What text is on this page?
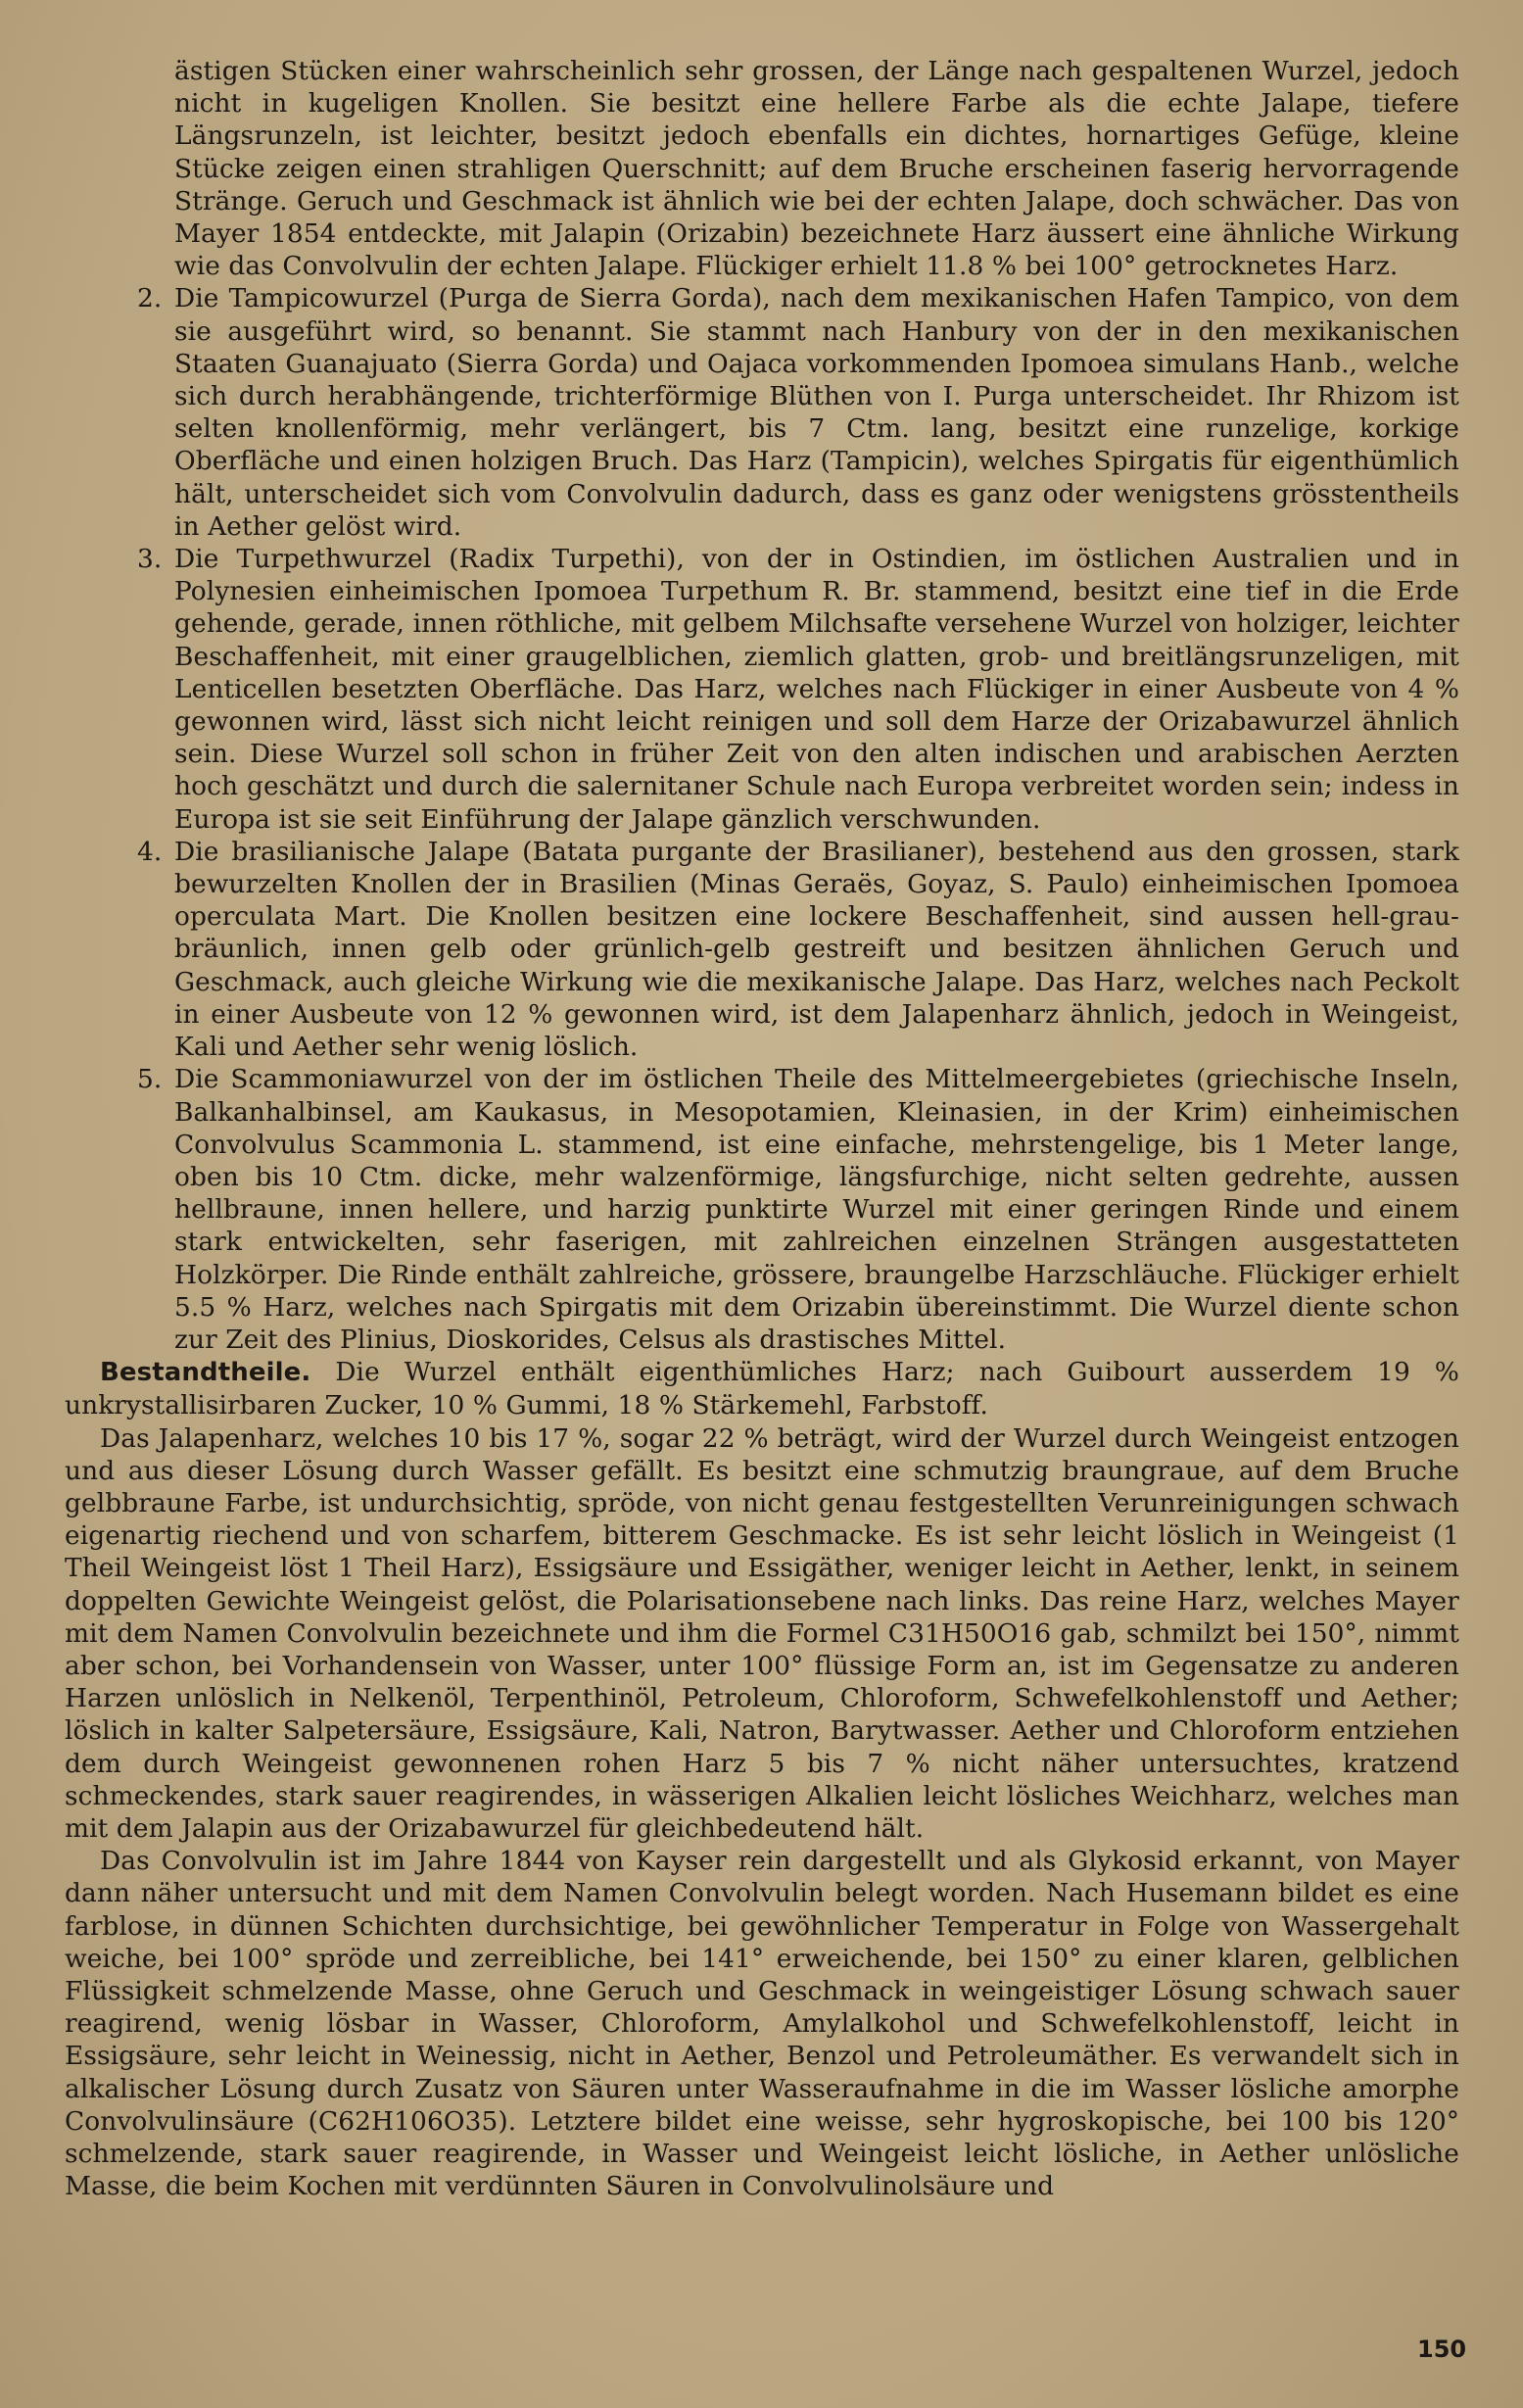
ästigen Stücken einer wahrscheinlich sehr grossen, der Länge nach gespaltenen Wurzel, jedoch nicht in kugeligen Knollen. Sie besitzt eine hellere Farbe als die echte Jalape, tiefere Längsrunzeln, ist leichter, besitzt jedoch ebenfalls ein dichtes, hornartiges Gefüge, kleine Stücke zeigen einen strahligen Querschnitt; auf dem Bruche erscheinen faserig hervorragende Stränge. Geruch und Geschmack ist ähnlich wie bei der echten Jalape, doch schwächer. Das von Mayer 1854 entdeckte, mit Jalapin (Orizabin) bezeichnete Harz äussert eine ähnliche Wirkung wie das Convolvulin der echten Jalape. Flückiger erhielt 11.8 % bei 100° getrocknetes Harz.

2. Die Tampicowurzel (Purga de Sierra Gorda), nach dem mexikanischen Hafen Tampico, von dem sie ausgeführt wird, so benannt. Sie stammt nach Hanbury von der in den mexikanischen Staaten Guanajuato (Sierra Gorda) und Oajaca vorkommenden Ipomoea simulans Hanb., welche sich durch herabhängende, trichterförmige Blüthen von I. Purga unterscheidet. Ihr Rhizom ist selten knollenförmig, mehr verlängert, bis 7 Ctm. lang, besitzt eine runzelige, korkige Oberfläche und einen holzigen Bruch. Das Harz (Tampicin), welches Spirgatis für eigenthümlich hält, unterscheidet sich vom Convolvulin dadurch, dass es ganz oder wenigstens grösstentheils in Aether gelöst wird.

3. Die Turpethwurzel (Radix Turpethi), von der in Ostindien, im östlichen Australien und in Polynesien einheimischen Ipomoea Turpethum R. Br. stammend, besitzt eine tief in die Erde gehende, gerade, innen röthliche, mit gelbem Milchsafte versehene Wurzel von holziger, leichter Beschaffenheit, mit einer graugelblichen, ziemlich glatten, grob- und breitlängsrunzeligen, mit Lenticellen besetzten Oberfläche. Das Harz, welches nach Flückiger in einer Ausbeute von 4 % gewonnen wird, lässt sich nicht leicht reinigen und soll dem Harze der Orizabawurzel ähnlich sein. Diese Wurzel soll schon in früher Zeit von den alten indischen und arabischen Aerzten hoch geschätzt und durch die salernitaner Schule nach Europa verbreitet worden sein; indess in Europa ist sie seit Einführung der Jalape gänzlich verschwunden.

4. Die brasilianische Jalape (Batata purgante der Brasilianer), bestehend aus den grossen, stark bewurzelten Knollen der in Brasilien (Minas Geraës, Goyaz, S. Paulo) einheimischen Ipomoea operculata Mart. Die Knollen besitzen eine lockere Beschaffenheit, sind aussen hell-grau-bräunlich, innen gelb oder grünlich-gelb gestreift und besitzen ähnlichen Geruch und Geschmack, auch gleiche Wirkung wie die mexikanische Jalape. Das Harz, welches nach Peckolt in einer Ausbeute von 12 % gewonnen wird, ist dem Jalapenharz ähnlich, jedoch in Weingeist, Kali und Aether sehr wenig löslich.

5. Die Scammoniawurzel von der im östlichen Theile des Mittelmeergebietes (griechische Inseln, Balkanhalbinsel, am Kaukasus, in Mesopotamien, Kleinasien, in der Krim) einheimischen Convolvulus Scammonia L. stammend, ist eine einfache, mehrstengelige, bis 1 Meter lange, oben bis 10 Ctm. dicke, mehr walzenförmige, längsfurchige, nicht selten gedrehte, aussen hellbraune, innen hellere, und harzig punktirte Wurzel mit einer geringen Rinde und einem stark entwickelten, sehr faserigen, mit zahlreichen einzelnen Strängen ausgestatteten Holzkörper. Die Rinde enthält zahlreiche, grössere, braungelbe Harzschläuche. Flückiger erhielt 5.5 % Harz, welches nach Spirgatis mit dem Orizabin übereinstimmt. Die Wurzel diente schon zur Zeit des Plinius, Dioskorides, Celsus als drastisches Mittel.

Bestandtheile. Die Wurzel enthält eigenthümliches Harz; nach Guibourt ausserdem 19 % unkrystallisirbaren Zucker, 10 % Gummi, 18 % Stärkemehl, Farbstoff.

Das Jalapenharz, welches 10 bis 17 %, sogar 22 % beträgt, wird der Wurzel durch Weingeist entzogen und aus dieser Lösung durch Wasser gefällt. Es besitzt eine schmutzig braungraue, auf dem Bruche gelbbraune Farbe, ist undurchsichtig, spröde, von nicht genau festgestellten Verunreinigungen schwach eigenartig riechend und von scharfem, bitterem Geschmacke. Es ist sehr leicht löslich in Weingeist (1 Theil Weingeist löst 1 Theil Harz), Essigsäure und Essigäther, weniger leicht in Aether, lenkt, in seinem doppelten Gewichte Weingeist gelöst, die Polarisationsebene nach links. Das reine Harz, welches Mayer mit dem Namen Convolvulin bezeichnete und ihm die Formel C31H50O16 gab, schmilzt bei 150°, nimmt aber schon, bei Vorhandensein von Wasser, unter 100° flüssige Form an, ist im Gegensatze zu anderen Harzen unlöslich in Nelkenöl, Terpenthinöl, Petroleum, Chloroform, Schwefelkohlenstoff und Aether; löslich in kalter Salpetersäure, Essigsäure, Kali, Natron, Barytwasser. Aether und Chloroform entziehen dem durch Weingeist gewonnenen rohen Harz 5 bis 7 % nicht näher untersuchtes, kratzend schmeckendes, stark sauer reagirendes, in wässerigen Alkalien leicht lösliches Weichharz, welches man mit dem Jalapin aus der Orizabawurzel für gleichbedeutend hält.

Das Convolvulin ist im Jahre 1844 von Kayser rein dargestellt und als Glykosid erkannt, von Mayer dann näher untersucht und mit dem Namen Convolvulin belegt worden. Nach Husemann bildet es eine farblose, in dünnen Schichten durchsichtige, bei gewöhnlicher Temperatur in Folge von Wassergehalt weiche, bei 100° spröde und zerreibliche, bei 141° erweichende, bei 150° zu einer klaren, gelblichen Flüssigkeit schmelzende Masse, ohne Geruch und Geschmack in weingeistiger Lösung schwach sauer reagirend, wenig lösbar in Wasser, Chloroform, Amylalkohol und Schwefelkohlenstoff, leicht in Essigsäure, sehr leicht in Weinessig, nicht in Aether, Benzol und Petroleumäther. Es verwandelt sich in alkalischer Lösung durch Zusatz von Säuren unter Wasseraufnahme in die im Wasser lösliche amorphe Convolvulinsäure (C62H106O35). Letztere bildet eine weisse, sehr hygroskopische, bei 100 bis 120° schmelzende, stark sauer reagirende, in Wasser und Weingeist leicht lösliche, in Aether unlösliche Masse, die beim Kochen mit verdünnten Säuren in Convolvulinolsäure und

150
